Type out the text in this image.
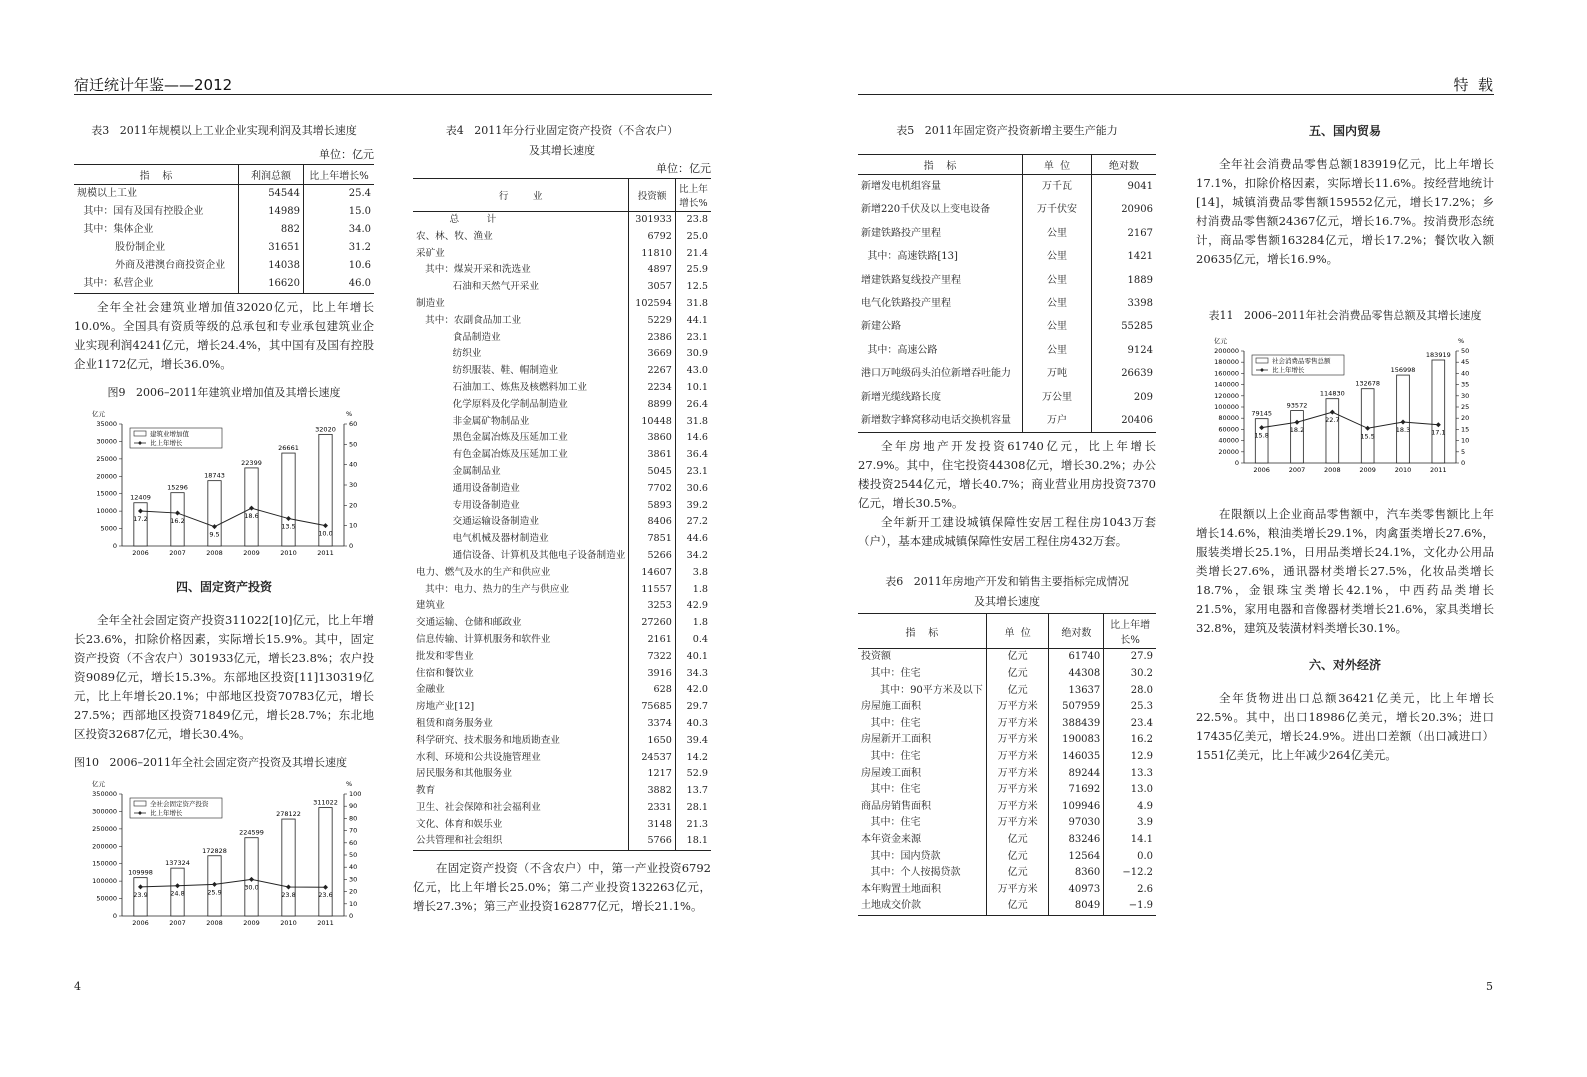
宿迁统计年鉴——2012	特  载
表3   2011年规模以上工业企业实现利润及其增长速度
单位：亿元
指    标	利润总额	比上年增长%
规模以上工业	54544	25.4
其中：国有及国有控股企业	14989	15.0
其中：集体企业	882	34.0
股份制企业	31651	31.2
外商及港澳台商投资企业	14038	10.6
其中：私营企业	16620	46.0

全年全社会建筑业增加值32020亿元，比上年增长10.0%。全国具有资质等级的总承包和专业承包建筑业企业实现利润4241亿元，增长24.4%，其中国有及国有控股企业1172亿元，增长36.0%。

图9   2006–2011年建筑业增加值及其增长速度
亿元	%
0
5000
10000
15000
20000
25000
30000
35000
0
10
20
30
40
50
60
12409
2006
15296
2007
18743
2008
22399
2009
26661
2010
32020
2011
17.2	16.2
9.5
18.6
13.5
10.0
建筑业增加值
比上年增长
四、固定资产投资

全年全社会固定资产投资311022[10]亿元，比上年增长23.6%，扣除价格因素，实际增长15.9%。其中，固定资产投资（不含农户）301933亿元，增长23.8%；农户投资9089亿元，增长15.3%。东部地区投资[11]130319亿元，比上年增长20.1%；中部地区投资70783亿元，增长27.5%；西部地区投资71849亿元，增长28.7%；东北地区投资32687亿元，增长30.4%。

图10   2006–2011年全社会固定资产投资及其增长速度
亿元	%
0
50000
100000
150000
200000
250000
300000
350000
0
10
20
30
40
50
60
70
80
90
100
109998
2006
137324
2007
172828
2008
224599
2009
278122
2010
311022
2011
23.9	24.8	25.9
30.0
23.8	23.6
全社会固定资产投资
比上年增长
表4   2011年分行业固定资产投资（不含农户）
及其增长速度
单位：亿元
行        业	投资额	比上年增长%
总         计	301933	23.8
农、林、牧、渔业	6792	25.0
采矿业	11810	21.4
其中：煤炭开采和洗选业	4897	25.9
石油和天然气开采业	3057	12.5
制造业	102594	31.8
其中：农副食品加工业	5229	44.1
食品制造业	2386	23.1
纺织业	3669	30.9
纺织服装、鞋、帽制造业	2267	43.0
石油加工、炼焦及核燃料加工业	2234	10.1
化学原料及化学制品制造业	8899	26.4
非金属矿物制品业	10448	31.8
黑色金属冶炼及压延加工业	3860	14.6
有色金属冶炼及压延加工业	3861	36.4
金属制品业	5045	23.1
通用设备制造业	7702	30.6
专用设备制造业	5893	39.2
交通运输设备制造业	8406	27.2
电气机械及器材制造业	7851	44.6
通信设备、计算机及其他电子设备制造业	5266	34.2
电力、燃气及水的生产和供应业	14607	3.8
其中：电力、热力的生产与供应业	11557	1.8
建筑业	3253	42.9
交通运输、仓储和邮政业	27260	1.8
信息传输、计算机服务和软件业	2161	0.4
批发和零售业	7322	40.1
住宿和餐饮业	3916	34.3
金融业	628	42.0
房地产业[12]	75685	29.7
租赁和商务服务业	3374	40.3
科学研究、技术服务和地质勘查业	1650	39.4
水利、环境和公共设施管理业	24537	14.2
居民服务和其他服务业	1217	52.9
教育	3882	13.7
卫生、社会保障和社会福利业	2331	28.1
文化、体育和娱乐业	3148	21.3
公共管理和社会组织	5766	18.1

在固定资产投资（不含农户）中，第一产业投资6792亿元，比上年增长25.0%；第二产业投资132263亿元，增长27.3%；第三产业投资162877亿元，增长21.1%。

表5   2011年固定资产投资新增主要生产能力
指    标	单  位	绝对数
新增发电机组容量	万千瓦	9041
新增220千伏及以上变电设备	万千伏安	20906
新建铁路投产里程	公里	2167
其中：高速铁路[13]	公里	1421
增建铁路复线投产里程	公里	1889
电气化铁路投产里程	公里	3398
新建公路	公里	55285
其中：高速公路	公里	9124
港口万吨级码头泊位新增吞吐能力	万吨	26639
新增光缆线路长度	万公里	209
新增数字蜂窝移动电话交换机容量	万户	20406

全年房地产开发投资61740亿元，比上年增长27.9%。其中，住宅投资44308亿元，增长30.2%；办公楼投资2544亿元，增长40.7%；商业营业用房投资7370亿元，增长30.5%。

全年新开工建设城镇保障性安居工程住房1043万套（户），基本建成城镇保障性安居工程住房432万套。

表6   2011年房地产开发和销售主要指标完成情况
及其增长速度
指    标	单  位	绝对数	比上年增长%
投资额	亿元	61740	27.9
其中：住宅	亿元	44308	30.2
其中：90平方米及以下	亿元	13637	28.0
房屋施工面积	万平方米	507959	25.3
其中：住宅	万平方米	388439	23.4
房屋新开工面积	万平方米	190083	16.2
其中：住宅	万平方米	146035	12.9
房屋竣工面积	万平方米	89244	13.3
其中：住宅	万平方米	71692	13.0
商品房销售面积	万平方米	109946	4.9
其中：住宅	万平方米	97030	3.9
本年资金来源	亿元	83246	14.1
其中：国内贷款	亿元	12564	0.0
其中：个人按揭贷款	亿元	8360	−12.2
本年购置土地面积	万平方米	40973	2.6
土地成交价款	亿元	8049	−1.9
五、国内贸易

全年社会消费品零售总额183919亿元，比上年增长17.1%，扣除价格因素，实际增长11.6%。按经营地统计[14]，城镇消费品零售额159552亿元，增长17.2%；乡村消费品零售额24367亿元，增长16.7%。按消费形态统计，商品零售额163284亿元，增长17.2%；餐饮收入额20635亿元，增长16.9%。

表11   2006–2011年社会消费品零售总额及其增长速度
亿元	%
0
20000
40000
60000
80000
100000
120000
140000
160000
180000
200000
0
5
10
15
20
25
30
35
40
45
50
79145
2006
93572
2007
114830
2008
132678
2009
156998
2010
183919
2011
15.8
18.2
22.7
15.5
18.3	17.1
社会消费品零售总额
比上年增长

在限额以上企业商品零售额中，汽车类零售额比上年增长14.6%，粮油类增长29.1%，肉禽蛋类增长27.6%，服装类增长25.1%，日用品类增长24.1%，文化办公用品类增长27.6%，通讯器材类增长27.5%，化妆品类增长18.7%，金银珠宝类增长42.1%，中西药品类增长21.5%，家用电器和音像器材类增长21.6%，家具类增长32.8%，建筑及装潢材料类增长30.1%。

六、对外经济

全年货物进出口总额36421亿美元，比上年增长22.5%。其中，出口18986亿美元，增长20.3%；进口17435亿美元，增长24.9%。进出口差额（出口减进口）1551亿美元，比上年减少264亿美元。

4	5
